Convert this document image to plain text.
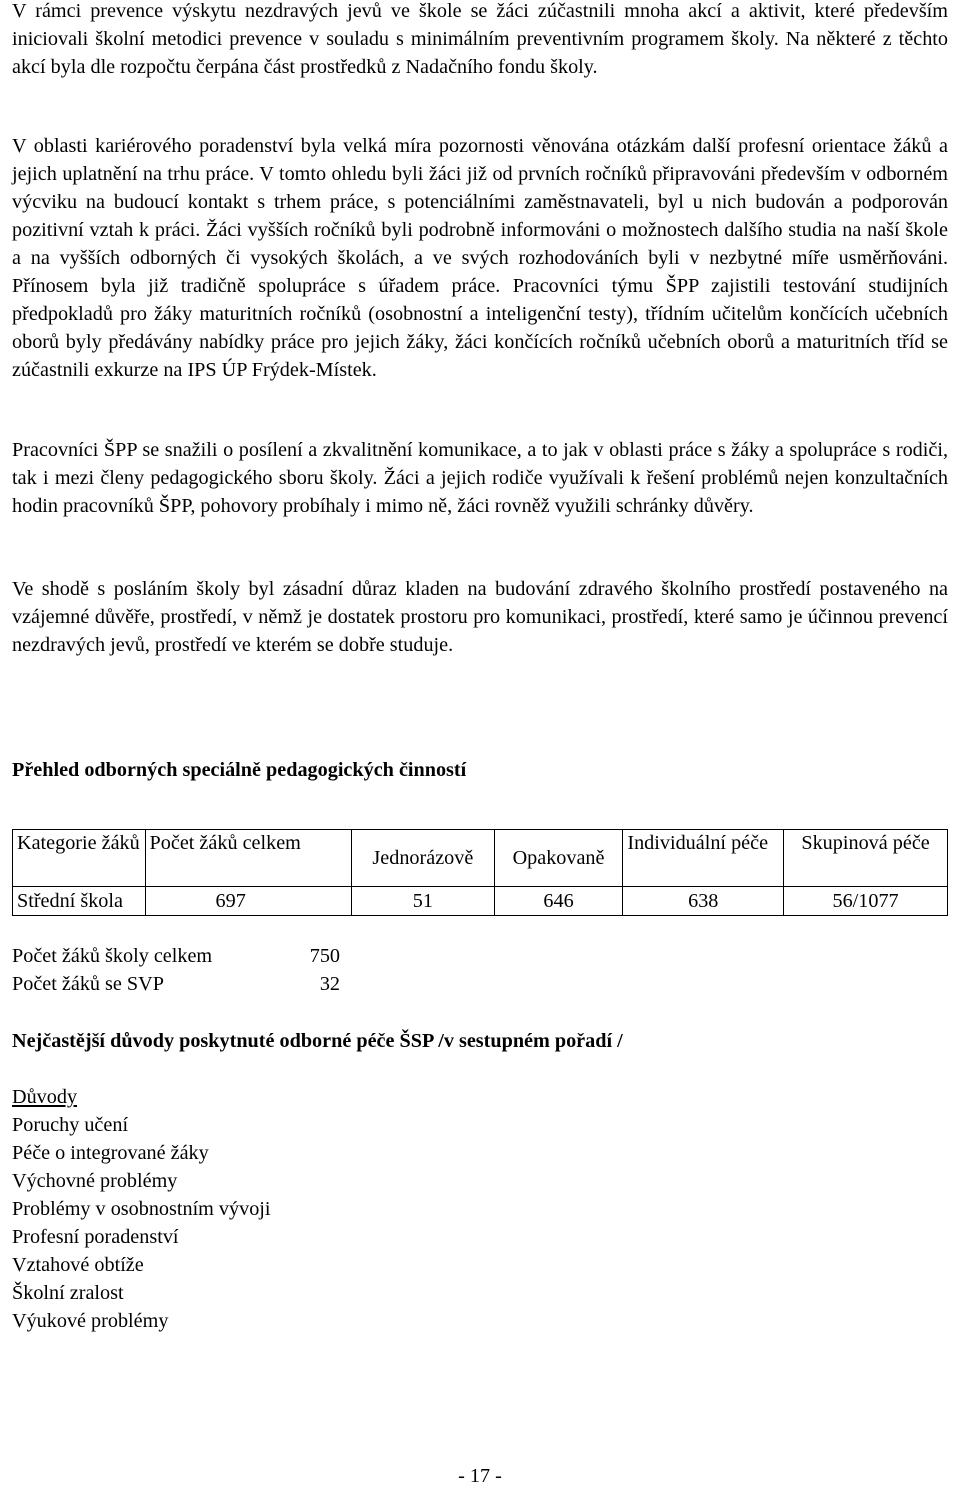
V rámci prevence výskytu nezdravých jevů ve škole se žáci zúčastnili mnoha akcí a aktivit, které především iniciovali školní metodici prevence v souladu s minimálním preventivním programem školy. Na některé z těchto akcí byla dle rozpočtu čerpána část prostředků z Nadačního fondu školy.

V oblasti kariérového poradenství byla velká míra pozornosti věnována otázkám další profesní orientace žáků a jejich uplatnění na trhu práce. V tomto ohledu byli žáci již od prvních ročníků připravováni především v odborném výcviku na budoucí kontakt s trhem práce, s potenciálními zaměstnavateli, byl u nich budován a podporován pozitivní vztah k práci. Žáci vyšších ročníků byli podrobně informováni o možnostech dalšího studia na naší škole a na vyšších odborných či vysokých školách, a ve svých rozhodováních byli v nezbytné míře usměrňováni. Přínosem byla již tradičně spolupráce s úřadem práce. Pracovníci týmu ŠPP zajistili testování studijních předpokladů pro žáky maturitních ročníků (osobnostní a inteligenční testy), třídním učitelům končících učebních oborů byly předávány nabídky práce pro jejich žáky, žáci končících ročníků učebních oborů a maturitních tříd se zúčastnili exkurze na IPS ÚP Frýdek-Místek.

Pracovníci ŠPP se snažili o posílení a zkvalitnění komunikace, a to jak v oblasti práce s žáky a spolupráce s rodiči, tak i mezi členy pedagogického sboru školy. Žáci a jejich rodiče využívali k řešení problémů nejen konzultačních hodin pracovníků ŠPP, pohovory probíhaly i mimo ně, žáci rovněž využili schránky důvěry.

Ve shodě s posláním školy byl zásadní důraz kladen na budování zdravého školního prostředí postaveného na vzájemné důvěře, prostředí, v němž je dostatek prostoru pro komunikaci, prostředí, které samo je účinnou prevencí nezdravých jevů, prostředí ve kterém se dobře studuje.

Přehled odborných speciálně pedagogických činností

Kategorie žáků	Počet žáků celkem	Jednorázově	Opakovaně	Individuální péče	Skupinová péče
Střední škola	697	51	646	638	56/1077
Počet žáků školy celkem	750
Počet žáků se SVP	32

Nejčastější důvody poskytnuté odborné péče ŠSP /v sestupném pořadí /

Důvody
Poruchy učení
Péče o integrované žáky
Výchovné problémy
Problémy v osobnostním vývoji
Profesní poradenství
Vztahové obtíže
Školní zralost
Výukové problémy
- 17 -
